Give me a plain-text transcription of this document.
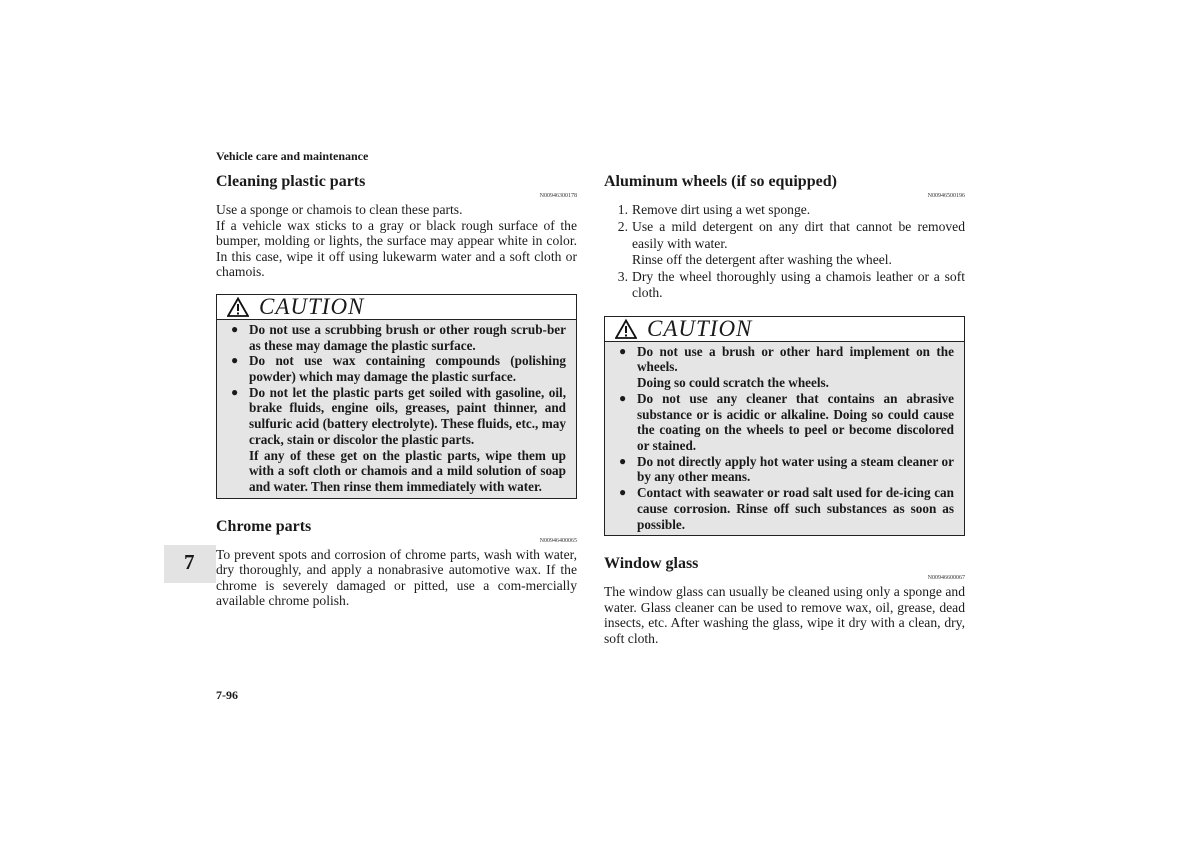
Vehicle care and maintenance
Cleaning plastic parts
N00946300178

Use a sponge or chamois to clean these parts.

If a vehicle wax sticks to a gray or black rough surface of the bumper, molding or lights, the surface may appear white in color. In this case, wipe it off using lukewarm water and a soft cloth or chamois.

CAUTION
● Do not use a scrubbing brush or other rough scrub-ber as these may damage the plastic surface.
● Do not use wax containing compounds (polishing powder) which may damage the plastic surface.
● Do not let the plastic parts get soiled with gasoline, oil, brake fluids, engine oils, greases, paint thinner, and sulfuric acid (battery electrolyte). These fluids, etc., may crack, stain or discolor the plastic parts.
If any of these get on the plastic parts, wipe them up with a soft cloth or chamois and a mild solution of soap and water. Then rinse them immediately with water.
Chrome parts
N00946400065

To prevent spots and corrosion of chrome parts, wash with water, dry thoroughly, and apply a nonabrasive automotive wax. If the chrome is severely damaged or pitted, use a com-mercially available chrome polish.

Aluminum wheels (if so equipped)
N00946500196
1. Remove dirt using a wet sponge.
2. Use a mild detergent on any dirt that cannot be removed easily with water.
Rinse off the detergent after washing the wheel.
3. Dry the wheel thoroughly using a chamois leather or a soft cloth.
CAUTION
● Do not use a brush or other hard implement on the wheels.
Doing so could scratch the wheels.
● Do not use any cleaner that contains an abrasive substance or is acidic or alkaline. Doing so could cause the coating on the wheels to peel or become discolored or stained.
● Do not directly apply hot water using a steam cleaner or by any other means.
● Contact with seawater or road salt used for de-icing can cause corrosion. Rinse off such substances as soon as possible.
Window glass
N00946600067

The window glass can usually be cleaned using only a sponge and water. Glass cleaner can be used to remove wax, oil, grease, dead insects, etc. After washing the glass, wipe it dry with a clean, dry, soft cloth.

7
7-96
